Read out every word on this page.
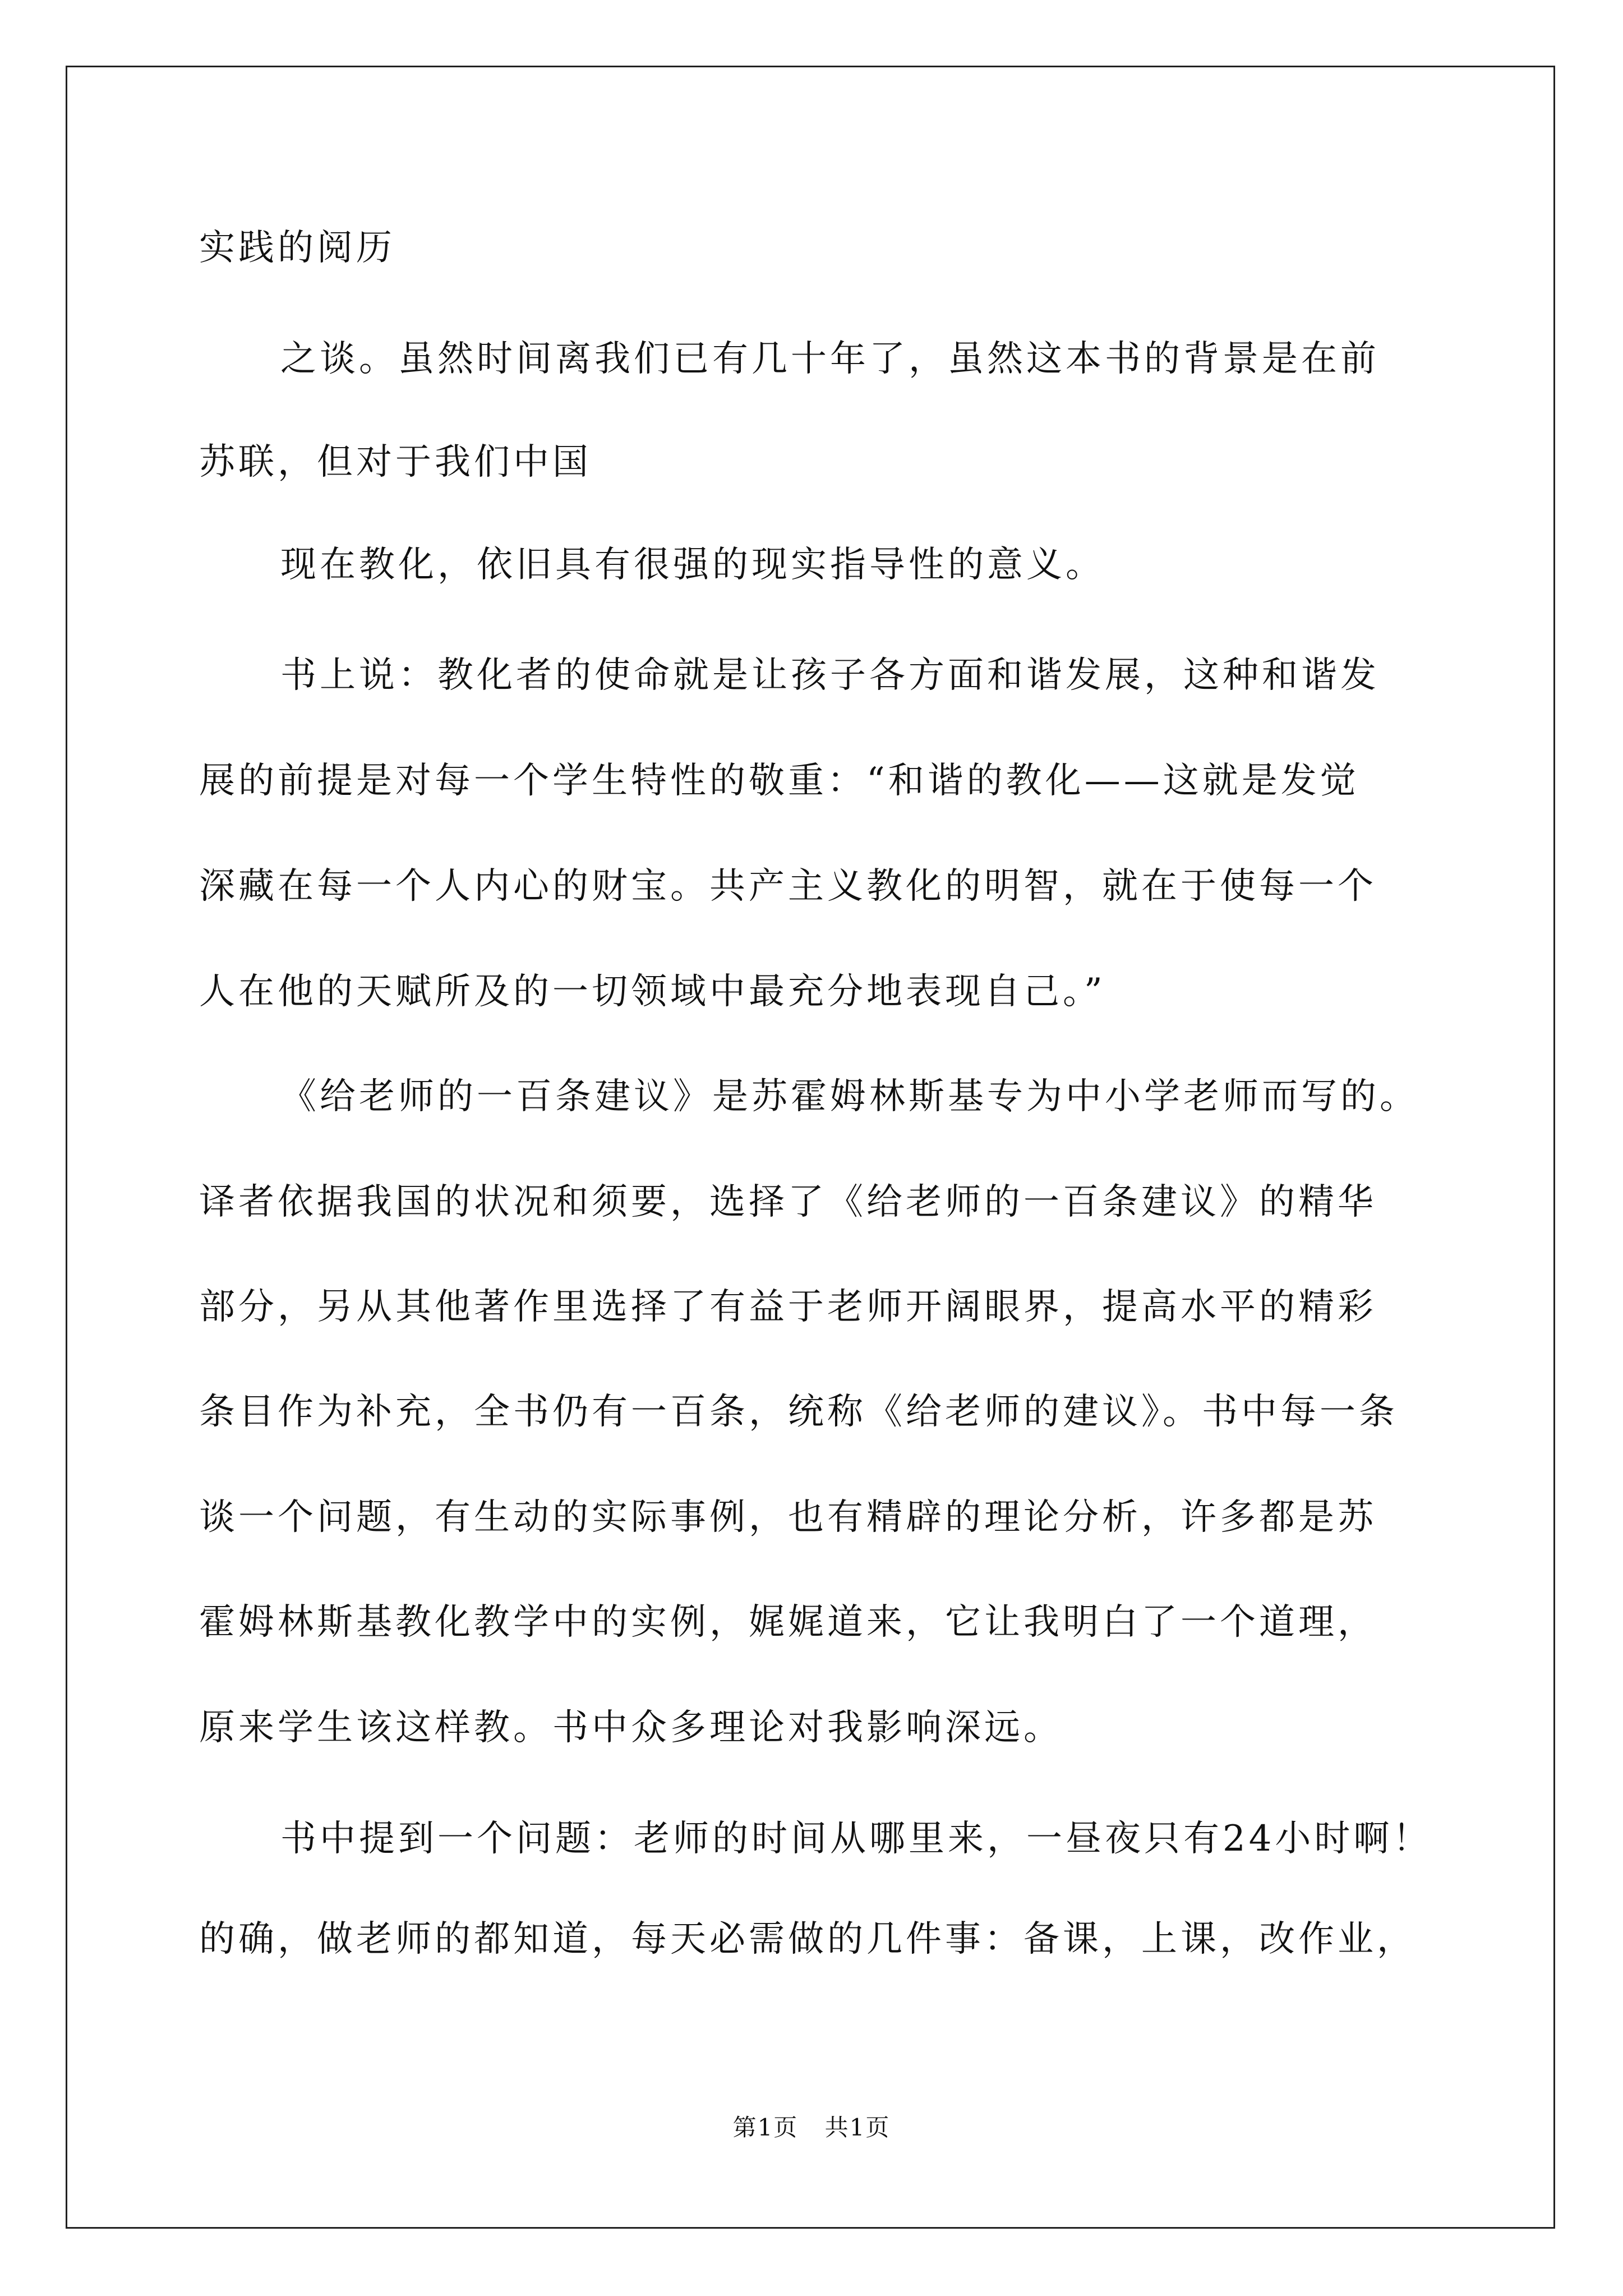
实践的阅历
之谈。虽然时间离我们已有几十年了，虽然这本书的背景是在前
苏联，但对于我们中国
现在教化，依旧具有很强的现实指导性的意义。
书上说：教化者的使命就是让孩子各方面和谐发展，这种和谐发
展的前提是对每一个学生特性的敬重：“和谐的教化——这就是发觉
深藏在每一个人内心的财宝。共产主义教化的明智，就在于使每一个
人在他的天赋所及的一切领域中最充分地表现自己。”
《给老师的一百条建议》是苏霍姆林斯基专为中小学老师而写的。
译者依据我国的状况和须要，选择了《给老师的一百条建议》的精华
部分，另从其他著作里选择了有益于老师开阔眼界，提高水平的精彩
条目作为补充，全书仍有一百条，统称《给老师的建议》。书中每一条
谈一个问题，有生动的实际事例，也有精辟的理论分析，许多都是苏
霍姆林斯基教化教学中的实例，娓娓道来，它让我明白了一个道理，
原来学生该这样教。书中众多理论对我影响深远。
书中提到一个问题：老师的时间从哪里来，一昼夜只有24小时啊！
的确，做老师的都知道，每天必需做的几件事：备课，上课，改作业，
第1页 共1页
